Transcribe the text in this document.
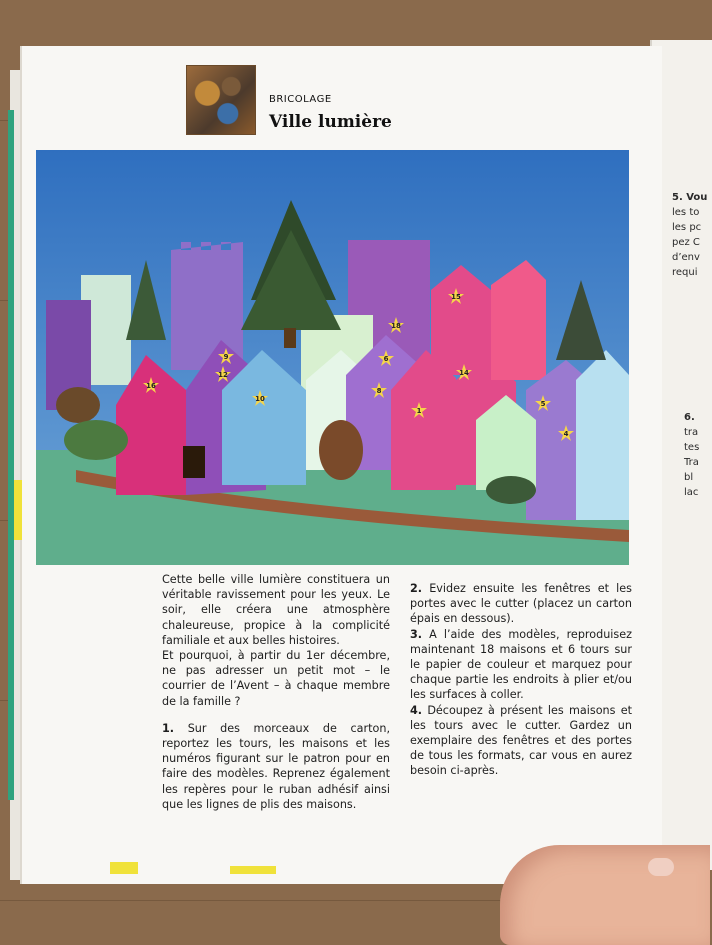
5. Vou
les to
les pc
pez C
d’env
requi
6.
tra
tes
Tra
bl
lac
BRICOLAGE
Ville lumière
16
10
18
8
12
6
14
15
5
4
1
9

Cette belle ville lumière constituera un véritable ravissement pour les yeux. Le soir, elle créera une atmosphère chaleureuse, propice à la complicité familiale et aux belles histoires.

Et pourquoi, à partir du 1er décembre, ne pas adresser un petit mot – le courrier de l’Avent – à chaque membre de la famille ?

1. Sur des morceaux de carton, reportez les tours, les maisons et les numéros figurant sur le patron pour en faire des modèles. Reprenez également les repères pour le ruban adhésif ainsi que les lignes de plis des maisons.

2. Evidez ensuite les fenêtres et les portes avec le cutter (placez un carton épais en dessous).

3. A l’aide des modèles, reproduisez maintenant 18 maisons et 6 tours sur le papier de couleur et marquez pour chaque partie les endroits à plier et/ou les surfaces à coller.

4. Découpez à présent les maisons et les tours avec le cutter. Gardez un exemplaire des fenêtres et des portes de tous les formats, car vous en aurez besoin ci-après.
